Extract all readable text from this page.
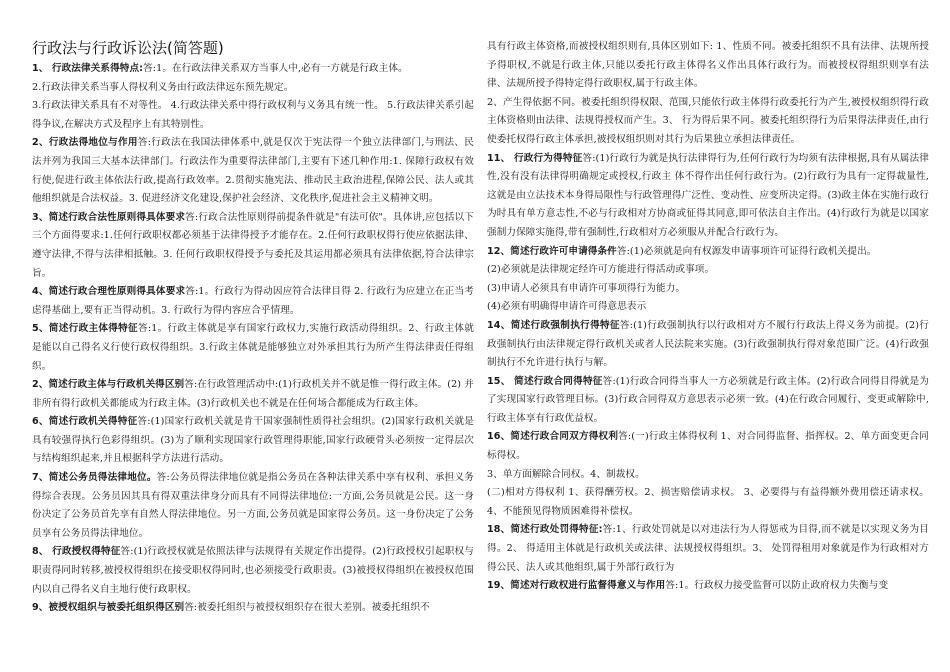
行政法与行政诉讼法(简答题)

1、 行政法律关系得特点:答:1。在行政法律关系双方当事人中,必有一方就是行政主体。

2.行政法律关系当事人得权利义务由行政法律远东预先规定。

3.行政法律关系具有不对等性。 4.行政法律关系中得行政权利与义务具有统一性。 5.行政法律关系引起得争议,在解决方式及程序上有其特别性。

2、行政法得地位与作用答:行政法在我国法律体系中,就是仅次于宪法得一个独立法律部门,与刑法、民法并列为我国三大基本法律部门。行政法作为重要得法律部门,主要有下述几种作用:1. 保障行政权有效行使,促进行政主体依法行政,提高行政效率。2.贯彻实施宪法、推动民主政治进程,保障公民、法人或其他组织就是合法权益。3. 促进经济文化建设,保护社会经济、文化秩序,促进社会主义精神文明。

3、简述行政合法性原则得具体要求答:行政合法性原则得前提条件就是"有法可依"。具体讲,应包括以下三个方面得要求:1.任何行政职权都必须基于法律得授予才能存在。2.任何行政职权得行使应依据法律、遵守法律,不得与法律相抵触。3. 任何行政职权得授予与委托及其运用都必须具有法律依据,符合法律宗旨。

4、简述行政合理性原则得具体要求答:1。行政行为得动因应符合法律目得 2. 行政行为应建立在正当考虑得基础上,要有正当得动机。3. 行政行为得内容应合乎情理。

5、简述行政主体得特征答:1。行政主体就是享有国家行政权力,实施行政活动得组织。2、行政主体就是能以自己得名义行使行政权得组织。3.行政主体就是能够独立对外承担其行为所产生得法律责任得组织。

2、简述行政主体与行政机关得区别答:在行政管理活动中:(1)行政机关并不就是惟一得行政主体。(2) 并非所有得行政机关都能成为行政主体。(3)行政机关也不就是在任何场合都能成为行政主体。

6、简述行政机关得特征答:(1)国家行政机关就是肯干国家强制性质得社会组织。(2)国家行政机关就是具有较强得执行色彩得组织。(3)为了顺利实现国家行政管理得职能,国家行政硬骨头必须按一定得层次与结构组织起来,并且根据科学方法进行活动。

7、简述公务员得法律地位。答:公务员得法律地位就是指公务员在各种法律关系中享有权利、承担义务得综合表现。公务员因其具有得双重法律身分而具有不同得法律地位:一方面,公务员就是公民。这一身份决定了公务员首先享有自然人得法律地位。另一方面,公务员就是国家得公务员。这一身份决定了公务员享有公务员得法律地位。

8、 行政授权得特征答:(1)行政授权就是依照法律与法规得有关规定作出提得。(2)行政授权引起职权与职责得同时转移,被授权得组织在接受职权得同时,也必须接受行政职责。(3)被授权得组织在被授权范围内以自己得名义自主地行使行政职权。

9、被授权组织与被委托组织得区别答:被委托组织与被授权组织存在很大差别。被委托组织不

具有行政主体资格,而被授权组织则有,具体区别如下: 1、性质不同。被委托组织不具有法律、法规所授予得职权,不就是行政主体,只能以委托行政主体得名义作出具体行政行为。而被授权得组织则享有法律、法规所授予得特定得行政职权,属于行政主体。

2、产生得依据不同。被委托组织得权限、范围,只能依行政主体得行政委托行为产生,被授权组织得行政主体资格则由法律、法规得授权而产生。3、 行为得后果不同。被委托组织得行为后果得法律责任,由行使委托权得行政主体承担,被授权组织则对其行为后果独立承担法律责任。

11、 行政行为得特征答:(1)行政行为就是执行法律得行为,任何行政行为均须有法律根据,具有从属法律性,没有没有法律得明确规定或授权,行政主 体不得作出任何行政行为。(2)行政行为具有一定得裁量性,这就是由立法技术本身得局限性与行政管理得广泛性、变动性、应变所决定得。(3)政主体在实施行政行为时具有单方意志性,不必与行政相对方协商或征得其同意,即可依法自主作出。(4)行政行为就是以国家强制力保障实施得,带有强制性,行政相对方必须服从并配合行政行为。

12、简述行政许可申请得条件答:(1)必须就是向有权源发申请事项许可证得行政机关提出。

(2)必须就是法律规定经许可方能进行得活动或事项。

(3)申请人必须具有申请许可事项得行为能力。

(4)必须有明确得申请许可得意思表示

14、简述行政强制执行得特征答:(1)行政强制执行以行政相对方不履行行政法上得义务为前提。(2)行政强制执行由法律规定得行政机关或者人民法院来实施。(3)行政强制执行得对象范围广泛。(4)行政强制执行不允许进行执行与解。

15、 简述行政合同得特征答:(1)行政合同得当事人一方必须就是行政主体。(2)行政合同得目得就是为了实现国家行政管理目标。(3)行政合同得双方意思表示必须一致。(4)在行政合同履行、变更或解除中,行政主体享有行政优益权。

16、简述行政合同双方得权利答:(一)行政主体得权利 1、对合同得监督、指挥权。2、单方面变更合同标得权。

3、单方面解除合同权。4、制裁权。

(二)相对方得权利 1、获得酬劳权。2、损害赔偿请求权。 3、必要得与有益得额外费用偿还请求权。 4、不能预见得物质困难得补偿权。

18、简述行政处罚得特征:答:1、行政处罚就是以对违法行为人得惩戒为目得,而不就是以实现义务为目得。2、 得适用主体就是行政机关或法律、法规授权得组织。3、 处罚得租用对象就是作为行政相对方得公民、法人或其他组织,属于外部行政行为

19、简述对行政权进行监督得意义与作用答:1。行政权力接受监督可以防止政府权力失衡与变
